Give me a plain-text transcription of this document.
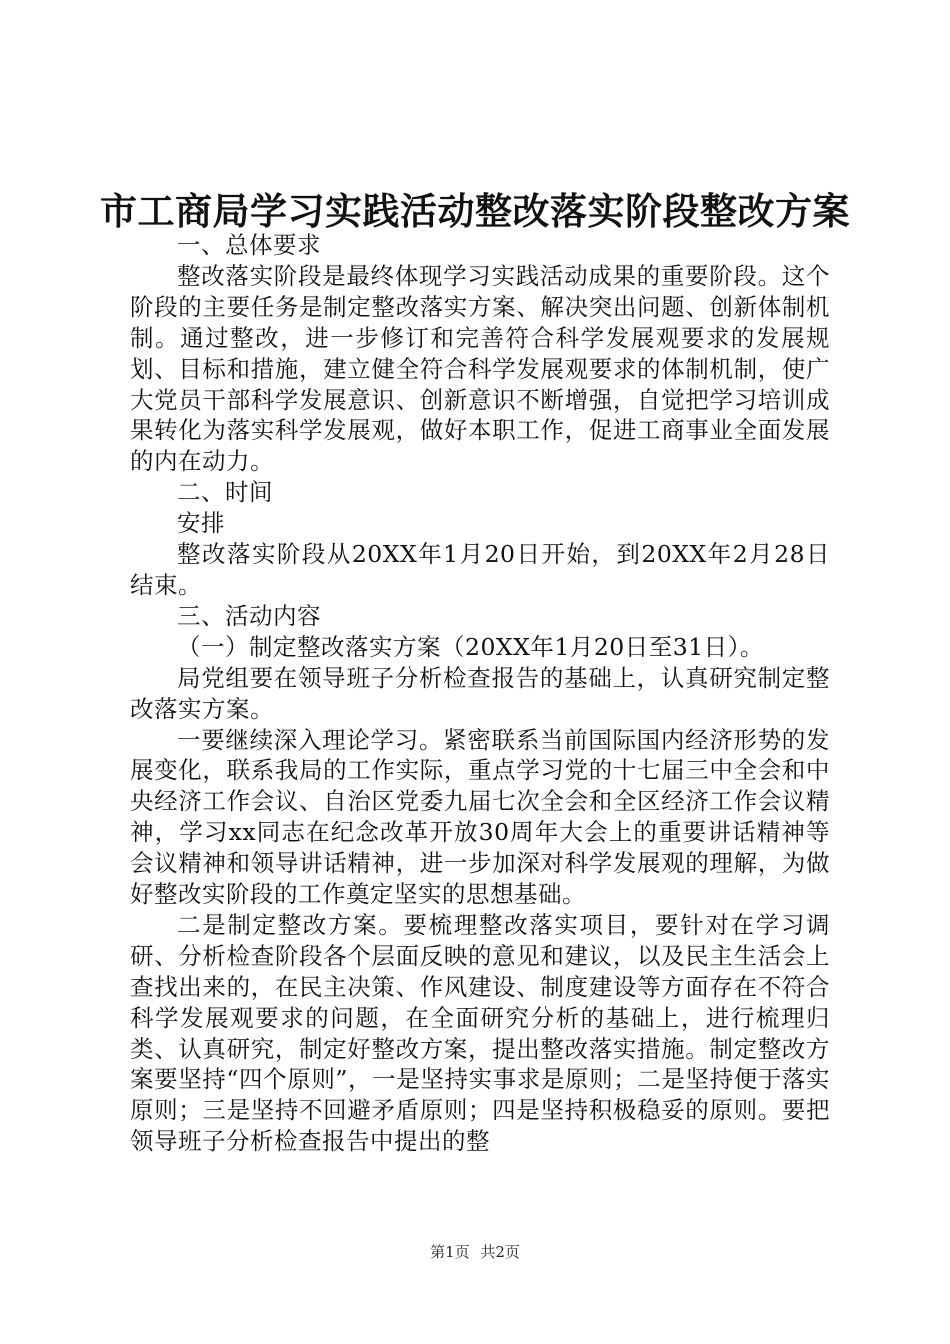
市工商局学习实践活动整改落实阶段整改方案

一、总体要求

整改落实阶段是最终体现学习实践活动成果的重要阶段。这个阶段的主要任务是制定整改落实方案、解决突出问题、创新体制机制。通过整改，进一步修订和完善符合科学发展观要求的发展规划、目标和措施，建立健全符合科学发展观要求的体制机制，使广大党员干部科学发展意识、创新意识不断增强，自觉把学习培训成果转化为落实科学发展观，做好本职工作，促进工商事业全面发展的内在动力。

二、时间

安排

整改落实阶段从20XX年1月20日开始，到20XX年2月28日结束。

三、活动内容

（一）制定整改落实方案（20XX年1月20日至31日）。

局党组要在领导班子分析检查报告的基础上，认真研究制定整改落实方案。

一要继续深入理论学习。紧密联系当前国际国内经济形势的发展变化，联系我局的工作实际，重点学习党的十七届三中全会和中央经济工作会议、自治区党委九届七次全会和全区经济工作会议精神，学习xx同志在纪念改革开放30周年大会上的重要讲话精神等会议精神和领导讲话精神，进一步加深对科学发展观的理解，为做好整改实阶段的工作奠定坚实的思想基础。

二是制定整改方案。要梳理整改落实项目，要针对在学习调研、分析检查阶段各个层面反映的意见和建议，以及民主生活会上查找出来的，在民主决策、作风建设、制度建设等方面存在不符合科学发展观要求的问题，在全面研究分析的基础上，进行梳理归类、认真研究，制定好整改方案，提出整改落实措施。制定整改方案要坚持“四个原则”，一是坚持实事求是原则；二是坚持便于落实原则；三是坚持不回避矛盾原则；四是坚持积极稳妥的原则。要把领导班子分析检查报告中提出的整

第1页 共2页
